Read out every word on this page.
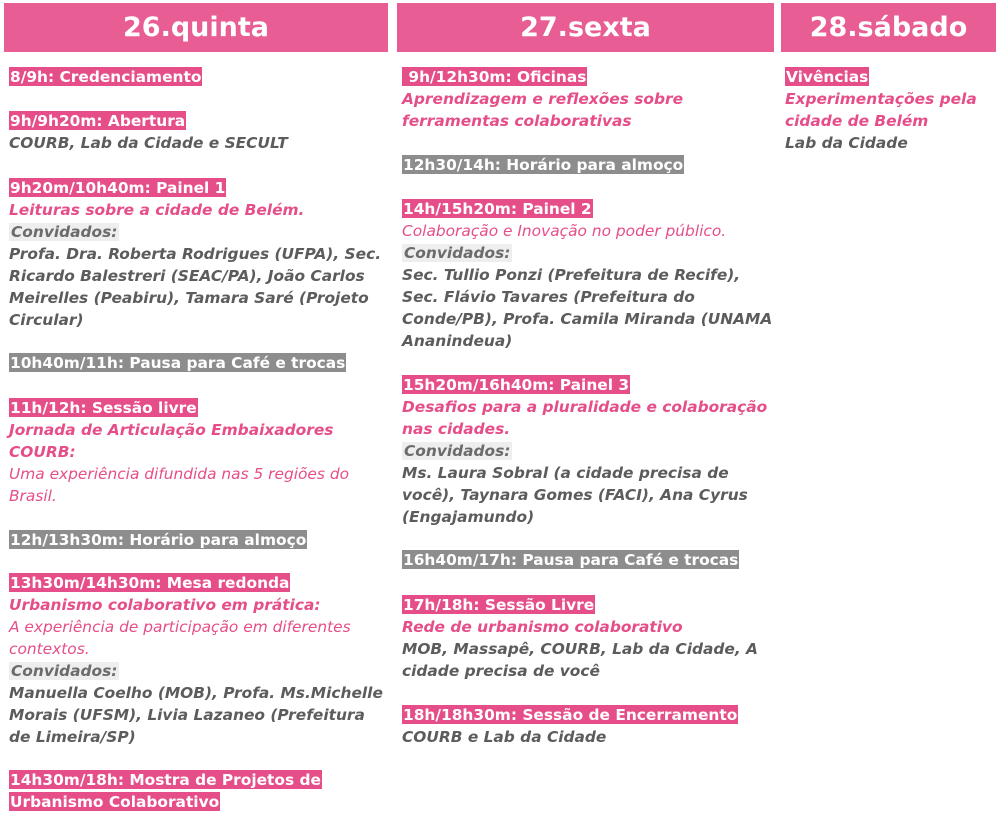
26.quinta
8/9h: Credenciamento
9h/9h20m: Abertura
COURB, Lab da Cidade e SECULT
9h20m/10h40m: Painel 1
Leituras sobre a cidade de Belém.
Convidados:
Profa. Dra. Roberta Rodrigues (UFPA), Sec. Ricardo Balestreri (SEAC/PA), João Carlos Meirelles (Peabiru), Tamara Saré (Projeto Circular)
10h40m/11h: Pausa para Café e trocas
11h/12h: Sessão livre
Jornada de Articulação Embaixadores COURB:
Uma experiência difundida nas 5 regiões do Brasil.
12h/13h30m: Horário para almoço
13h30m/14h30m: Mesa redonda
Urbanismo colaborativo em prática:
A experiência de participação em diferentes contextos.
Convidados:
Manuella Coelho (MOB), Profa. Ms.Michelle Morais (UFSM), Livia Lazaneo (Prefeitura de Limeira/SP)
14h30m/18h: Mostra de Projetos de
Urbanismo Colaborativo
27.sexta
9h/12h30m: Oficinas
Aprendizagem e reflexões sobre ferramentas colaborativas
12h30/14h: Horário para almoço
14h/15h20m: Painel 2
Colaboração e Inovação no poder público.
Convidados:
Sec. Tullio Ponzi (Prefeitura de Recife), Sec. Flávio Tavares (Prefeitura do Conde/PB), Profa. Camila Miranda (UNAMA Ananindeua)
15h20m/16h40m: Painel 3
Desafios para a pluralidade e colaboração nas cidades.
Convidados:
Ms. Laura Sobral (a cidade precisa de você), Taynara Gomes (FACI), Ana Cyrus (Engajamundo)
16h40m/17h: Pausa para Café e trocas
17h/18h: Sessão Livre
Rede de urbanismo colaborativo
MOB, Massapê, COURB, Lab da Cidade, A cidade precisa de você
18h/18h30m: Sessão de Encerramento
COURB e Lab da Cidade
28.sábado
Vivências
Experimentações pela cidade de Belém
Lab da Cidade
